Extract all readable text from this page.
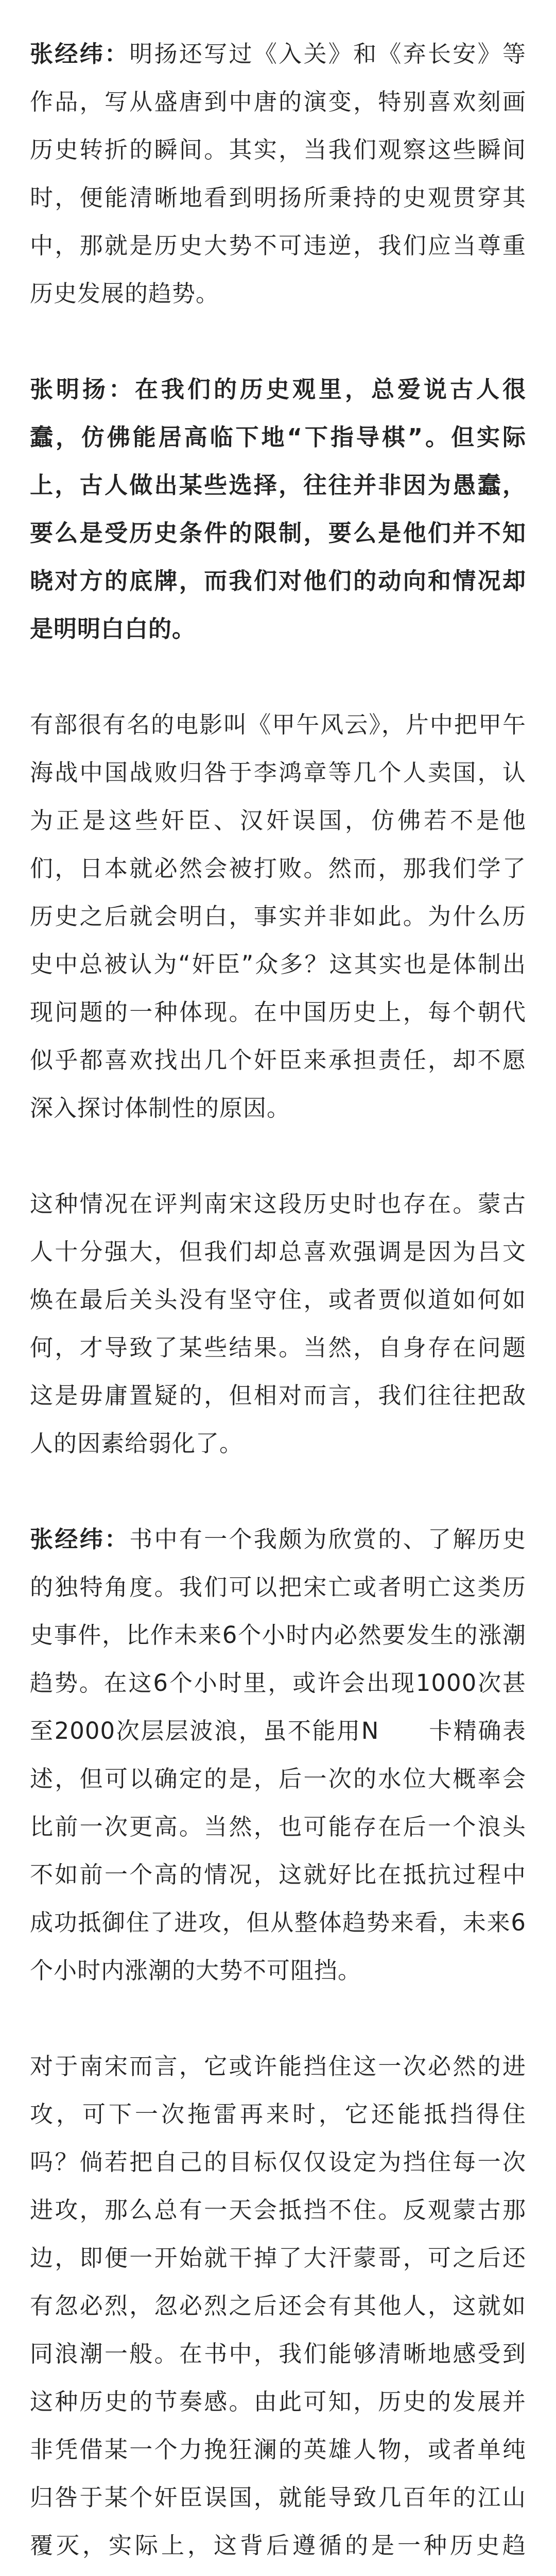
张经纬：明扬还写过《入关》和《弃长安》等作品，写从盛唐到中唐的演变，特别喜欢刻画历史转折的瞬间。其实，当我们观察这些瞬间时，便能清晰地看到明扬所秉持的史观贯穿其中，那就是历史大势不可违逆，我们应当尊重历史发展的趋势。

张明扬：在我们的历史观里，总爱说古人很蠢，仿佛能居高临下地“下指导棋”。但实际上，古人做出某些选择，往往并非因为愚蠢，要么是受历史条件的限制，要么是他们并不知晓对方的底牌，而我们对他们的动向和情况却是明明白白的。

有部很有名的电影叫《甲午风云》，片中把甲午海战中国战败归咎于李鸿章等几个人卖国，认为正是这些奸臣、汉奸误国，仿佛若不是他们，日本就必然会被打败。然而，那我们学了历史之后就会明白，事实并非如此。为什么历史中总被认为“奸臣”众多？这其实也是体制出现问题的一种体现。在中国历史上，每个朝代似乎都喜欢找出几个奸臣来承担责任，却不愿深入探讨体制性的原因。

这种情况在评判南宋这段历史时也存在。蒙古人十分强大，但我们却总喜欢强调是因为吕文焕在最后关头没有坚守住，或者贾似道如何如何，才导致了某些结果。当然，自身存在问题这是毋庸置疑的，但相对而言，我们往往把敌人的因素给弱化了。

张经纬：书中有一个我颇为欣赏的、了解历史的独特角度。我们可以把宋亡或者明亡这类历史事件，比作未来6个小时内必然要发生的涨潮趋势。在这6个小时里，或许会出现1000次甚至2000次层层波浪，虽不能用N　　卡精确表述，但可以确定的是，后一次的水位大概率会比前一次更高。当然，也可能存在后一个浪头不如前一个高的情况，这就好比在抵抗过程中成功抵御住了进攻，但从整体趋势来看，未来6个小时内涨潮的大势不可阻挡。

对于南宋而言，它或许能挡住这一次必然的进攻，可下一次拖雷再来时，它还能抵挡得住吗？倘若把自己的目标仅仅设定为挡住每一次进攻，那么总有一天会抵挡不住。反观蒙古那边，即便一开始就干掉了大汗蒙哥，可之后还有忽必烈，忽必烈之后还会有其他人，这就如同浪潮一般。在书中，我们能够清晰地感受到这种历史的节奏感。由此可知，历史的发展并非凭借某一个力挽狂澜的英雄人物，或者单纯归咎于某个奸臣误国，就能导致几百年的江山覆灭，实际上，这背后遵循的是一种历史趋
